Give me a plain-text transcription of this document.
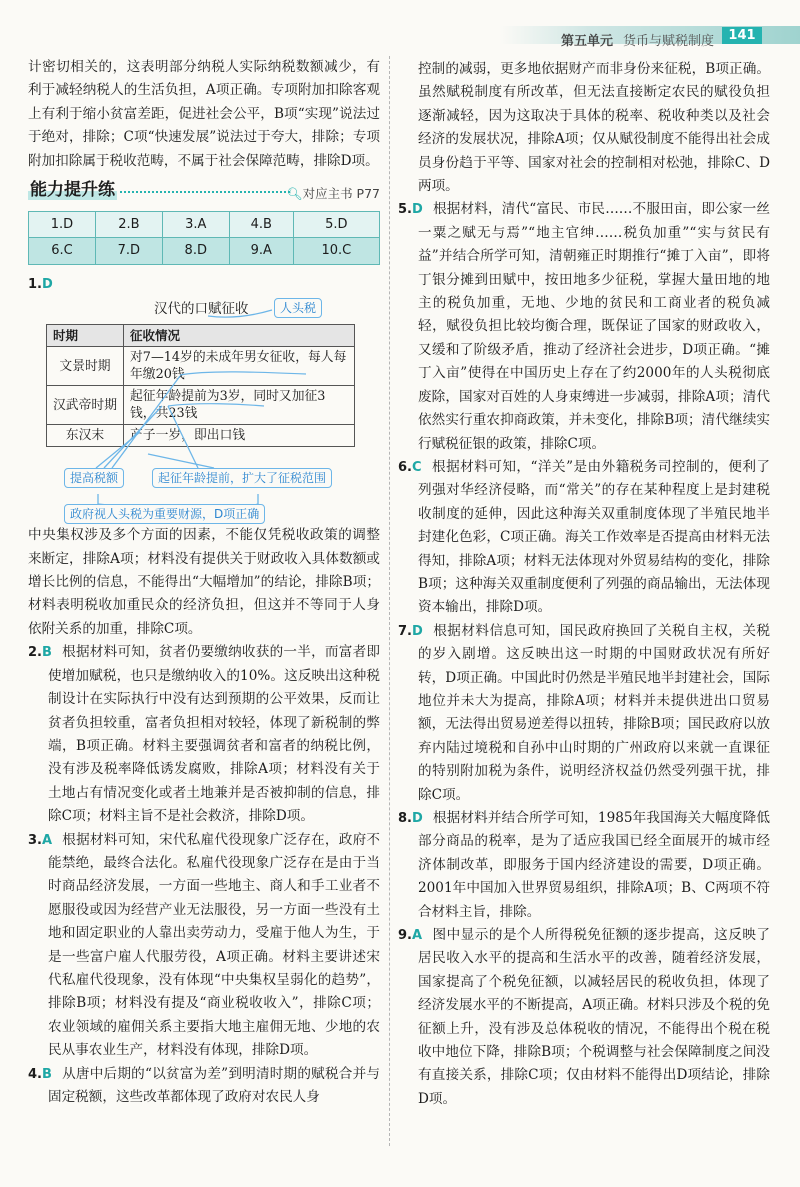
第五单元 货币与赋税制度	141

计密切相关的，这表明部分纳税人实际纳税数额减少，有利于减轻纳税人的生活负担，A项正确。专项附加扣除客观上有利于缩小贫富差距，促进社会公平，B项“实现”说法过于绝对，排除；C项“快速发展”说法过于夸大，排除；专项附加扣除属于税收范畴，不属于社会保障范畴，排除D项。

能力提升练	🔍︎对应主书 P77
1.D	2.B	3.A	4.B	5.D
6.C	7.D	8.D	9.A	10.C

1.D

汉代的口赋征收	人头税
时期	征收情况
文景时期	对7—14岁的未成年男女征收，每人每年缴20钱
汉武帝时期	起征年龄提前为3岁，同时又加征3钱，共23钱
东汉末	产子一岁，即出口钱
提高税额	起征年龄提前，扩大了征税范围
政府视人头税为重要财源，D项正确

中央集权涉及多个方面的因素，不能仅凭税收政策的调整来断定，排除A项；材料没有提供关于财政收入具体数额或增长比例的信息，不能得出“大幅增加”的结论，排除B项；材料表明税收加重民众的经济负担，但这并不等同于人身依附关系的加重，排除C项。

2.B 根据材料可知，贫者仍要缴纳收获的一半，而富者即使增加赋税，也只是缴纳收入的10%。这反映出这种税制设计在实际执行中没有达到预期的公平效果，反而让贫者负担较重，富者负担相对较轻，体现了新税制的弊端，B项正确。材料主要强调贫者和富者的纳税比例，没有涉及税率降低诱发腐败，排除A项；材料没有关于土地占有情况变化或者土地兼并是否被抑制的信息，排除C项；材料主旨不是社会救济，排除D项。

3.A 根据材料可知，宋代私雇代役现象广泛存在，政府不能禁绝，最终合法化。私雇代役现象广泛存在是由于当时商品经济发展，一方面一些地主、商人和手工业者不愿服役或因为经营产业无法服役，另一方面一些没有土地和固定职业的人靠出卖劳动力，受雇于他人为生，于是一些富户雇人代服劳役，A项正确。材料主要讲述宋代私雇代役现象，没有体现“中央集权呈弱化的趋势”，排除B项；材料没有提及“商业税收收入”，排除C项；农业领域的雇佣关系主要指大地主雇佣无地、少地的农民从事农业生产，材料没有体现，排除D项。

4.B 从唐中后期的“以贫富为差”到明清时期的赋税合并与固定税额，这些改革都体现了政府对农民人身

控制的减弱，更多地依据财产而非身份来征税，B项正确。虽然赋税制度有所改革，但无法直接断定农民的赋役负担逐渐减轻，因为这取决于具体的税率、税收种类以及社会经济的发展状况，排除A项；仅从赋役制度不能得出社会成员身份趋于平等、国家对社会的控制相对松弛，排除C、D两项。

5.D 根据材料，清代“富民、市民……不服田亩，即公家一丝一粟之赋无与焉”“地主官绅……税负加重”“实与贫民有益”并结合所学可知，清朝雍正时期推行“摊丁入亩”，即将丁银分摊到田赋中，按田地多少征税，掌握大量田地的地主的税负加重，无地、少地的贫民和工商业者的税负减轻，赋役负担比较均衡合理，既保证了国家的财政收入，又缓和了阶级矛盾，推动了经济社会进步，D项正确。“摊丁入亩”使得在中国历史上存在了约2000年的人头税彻底废除，国家对百姓的人身束缚进一步减弱，排除A项；清代依然实行重农抑商政策，并未变化，排除B项；清代继续实行赋税征银的政策，排除C项。

6.C 根据材料可知，“洋关”是由外籍税务司控制的，便利了列强对华经济侵略，而“常关”的存在某种程度上是封建税收制度的延伸，因此这种海关双重制度体现了半殖民地半封建化色彩，C项正确。海关工作效率是否提高由材料无法得知，排除A项；材料无法体现对外贸易结构的变化，排除B项；这种海关双重制度便利了列强的商品输出，无法体现资本输出，排除D项。

7.D 根据材料信息可知，国民政府换回了关税自主权，关税的岁入剧增。这反映出这一时期的中国财政状况有所好转，D项正确。中国此时仍然是半殖民地半封建社会，国际地位并未大为提高，排除A项；材料并未提供进出口贸易额，无法得出贸易逆差得以扭转，排除B项；国民政府以放弃内陆过境税和自孙中山时期的广州政府以来就一直课征的特别附加税为条件，说明经济权益仍然受列强干扰，排除C项。

8.D 根据材料并结合所学可知，1985年我国海关大幅度降低部分商品的税率，是为了适应我国已经全面展开的城市经济体制改革，即服务于国内经济建设的需要，D项正确。2001年中国加入世界贸易组织，排除A项；B、C两项不符合材料主旨，排除。

9.A 图中显示的是个人所得税免征额的逐步提高，这反映了居民收入水平的提高和生活水平的改善，随着经济发展，国家提高了个税免征额，以减轻居民的税收负担，体现了经济发展水平的不断提高，A项正确。材料只涉及个税的免征额上升，没有涉及总体税收的情况，不能得出个税在税收中地位下降，排除B项；个税调整与社会保障制度之间没有直接关系，排除C项；仅由材料不能得出D项结论，排除D项。
